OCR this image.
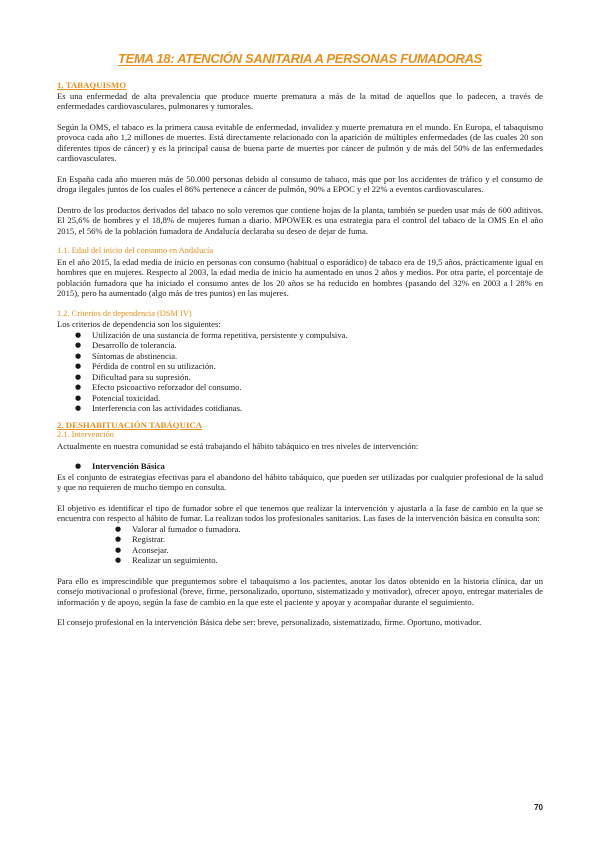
TEMA 18: ATENCIÓN SANITARIA A PERSONAS FUMADORAS
1. TABAQUISMO

Es una enfermedad de alta prevalencia que produce muerte prematura a más de la mitad de aquellos que lo padecen, a través de enfermedades cardiovasculares, pulmonares y tumorales.

Según la OMS, el tabaco es la primera causa evitable de enfermedad, invalidez y muerte prematura en el mundo. En Europa, el tabaquismo provoca cada año 1,2 millones de muertes. Está directamente relacionado con la aparición de múltiples enfermedades (de las cuales 20 son diferentes tipos de cáncer) y es la principal causa de buena parte de muertes por cáncer de pulmón y de más del 50% de las enfermedades cardiovasculares.

En España cada año mueren más de 50.000 personas debido al consumo de tabaco, más que por los accidentes de tráfico y el consumo de droga ilegales juntos de los cuales el 86% pertenece a cáncer de pulmón, 90% a EPOC y el 22% a eventos cardiovasculares.

Dentro de los productos derivados del tabaco no solo veremos que contiene hojas de la planta, también se pueden usar más de 600 aditivos. El 25,6% de hombres y el 18,8% de mujeres fuman a diario. MPOWER es una estrategia para el control del tabaco de la OMS En el año 2015, el 56% de la población fumadora de Andalucía declaraba su deseo de dejar de fuma.

1.1. Edad del inicio del consumo en Andalucía

En el año 2015, la edad media de inicio en personas con consumo (habitual o esporádico) de tabaco era de 19,5 años, prácticamente igual en hombres que en mujeres. Respecto al 2003, la edad media de inicio ha aumentado en unos 2 años y medios. Por otra parte, el porcentaje de población fumadora que ha iniciado el consumo antes de los 20 años se ha reducido en hombres (pasando del 32% en 2003 a l 28% en 2015), pero ha aumentado (algo más de tres puntos) en las mujeres.

1.2. Criterios de dependencia (DSM IV)

Los criterios de dependencia son los siguientes:

● Utilización de una sustancia de forma repetitiva, persistente y compulsiva.
● Desarrollo de tolerancia.
● Síntomas de abstinencia.
● Pérdida de control en su utilización.
● Dificultad para su supresión.
● Efecto psicoactivo reforzador del consumo.
● Potencial toxicidad.
● Interferencia con las actividades cotidianas.
2. DESHABITUACIÓN TABÁQUICA
2.1. Intervención

Actualmente en nuestra comunidad se está trabajando el hábito tabáquico en tres niveles de intervención:

● Intervención Básica

Es el conjunto de estrategias efectivas para el abandono del hábito tabáquico, que pueden ser utilizadas por cualquier profesional de la salud y que no requieren de mucho tiempo en consulta.

El objetivo es identificar el tipo de fumador sobre el que tenemos que realizar la intervención y ajustarla a la fase de cambio en la que se encuentra con respecto al hábito de fumar. La realizan todos los profesionales sanitarios. Las fases de la intervención básica en consulta son:

● Valorar al fumador o fumadora.
● Registrar.
● Aconsejar.
● Realizar un seguimiento.

Para ello es imprescindible que preguntemos sobre el tabaquismo a los pacientes, anotar los datos obtenido en la historia clínica, dar un consejo motivacional o profesional (breve, firme, personalizado, oportuno, sistematizado y motivador), ofrecer apoyo, entregar materiales de información y de apoyo, según la fase de cambio en la que este el paciente y apoyar y acompañar durante el seguimiento.

El consejo profesional en la intervención Básica debe ser: breve, personalizado, sistematizado, firme. Oportuno, motivador.

70
